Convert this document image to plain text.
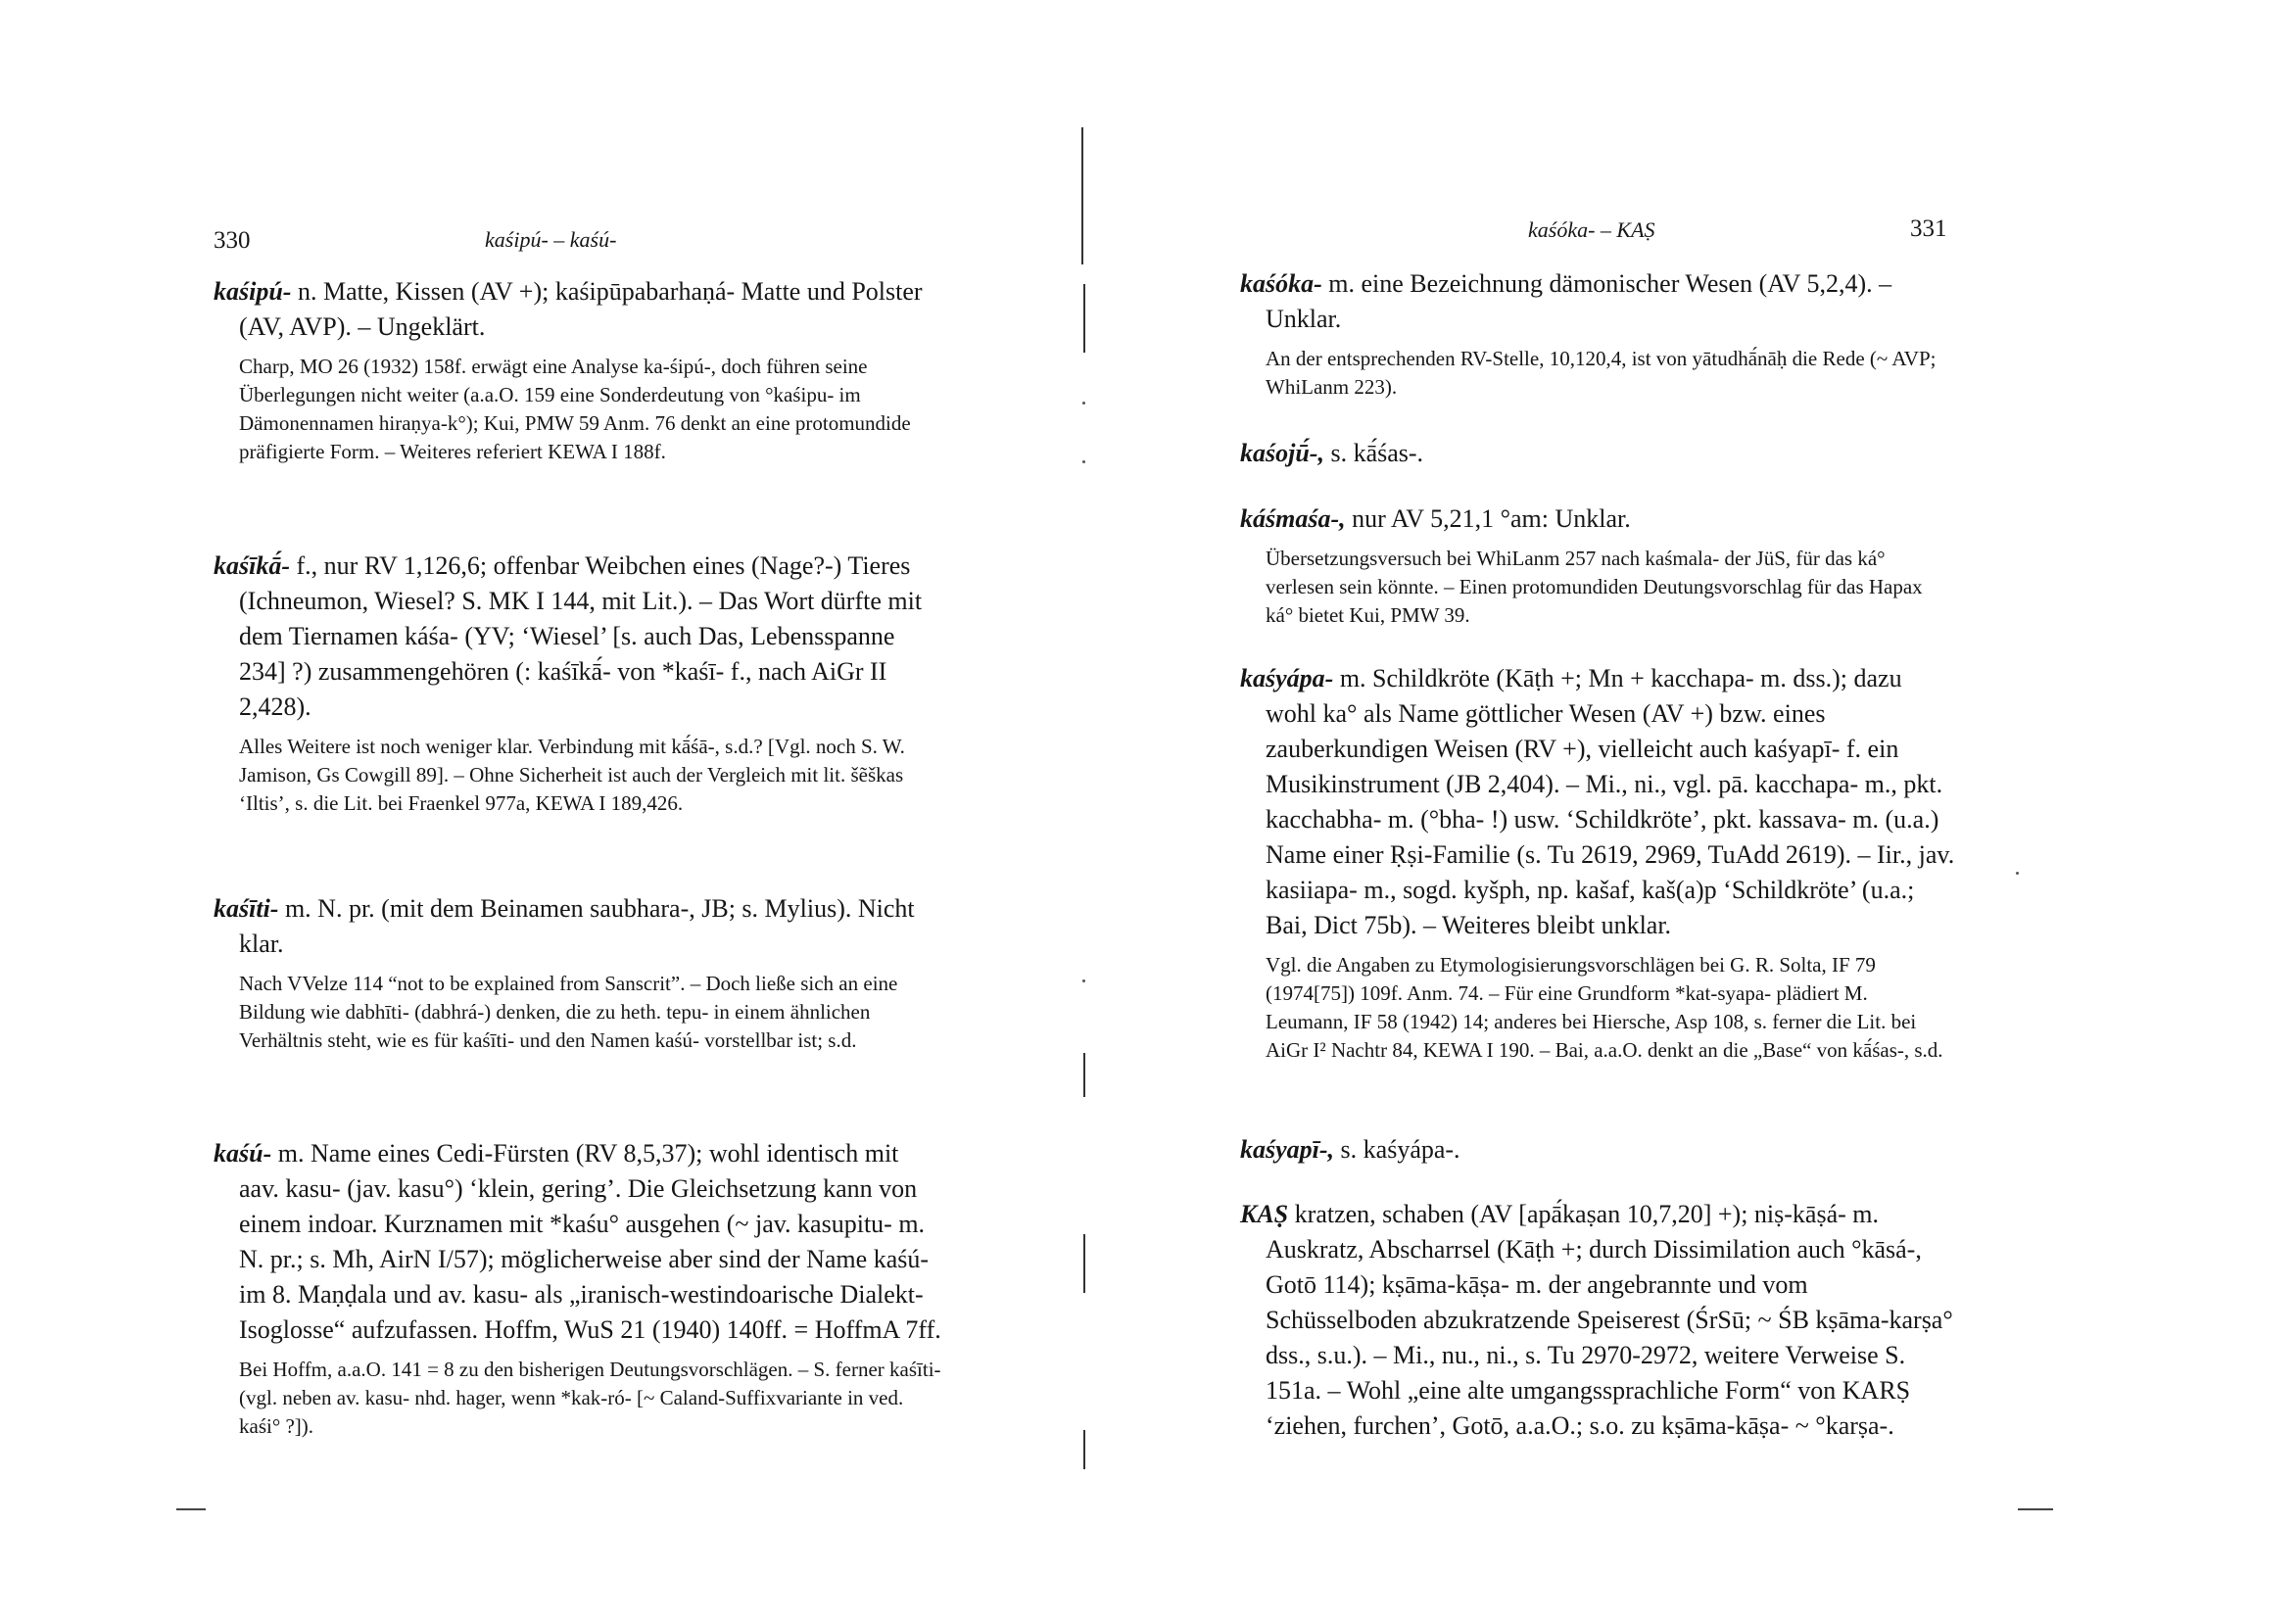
330	kaśipú- – kaśú-

kaśipú- n. Matte, Kissen (AV +); kaśipūpabarhaṇá- Matte und Polster (AV, AVP). – Ungeklärt.

Charp, MO 26 (1932) 158f. erwägt eine Analyse ka-śipú-, doch führen seine Überlegungen nicht weiter (a.a.O. 159 eine Sonderdeutung von °kaśipu- im Dämonennamen hiraṇya-k°); Kui, PMW 59 Anm. 76 denkt an eine protomundide präfigierte Form. – Weiteres referiert KEWA I 188f.

kaśīkā́- f., nur RV 1,126,6; offenbar Weibchen eines (Nage?-) Tieres (Ichneumon, Wiesel? S. MK I 144, mit Lit.). – Das Wort dürfte mit dem Tiernamen káśa- (YV; ‘Wiesel’ [s. auch Das, Lebensspanne 234] ?) zusammengehören (: kaśīkā́- von *kaśī- f., nach AiGr II 2,428).

Alles Weitere ist noch weniger klar. Verbindung mit kā́śā-, s.d.? [Vgl. noch S. W. Jamison, Gs Cowgill 89]. – Ohne Sicherheit ist auch der Vergleich mit lit. šẽškas ‘Iltis’, s. die Lit. bei Fraenkel 977a, KEWA I 189,426.

kaśīti- m. N. pr. (mit dem Beinamen saubhara-, JB; s. Mylius). Nicht klar.

Nach VVelze 114 “not to be explained from Sanscrit”. – Doch ließe sich an eine Bildung wie dabhīti- (dabhrá-) denken, die zu heth. tepu- in einem ähnlichen Verhältnis steht, wie es für kaśīti- und den Namen kaśú- vorstellbar ist; s.d.

kaśú- m. Name eines Cedi-Fürsten (RV 8,5,37); wohl identisch mit aav. kasu- (jav. kasu°) ‘klein, gering’. Die Gleichsetzung kann von einem indoar. Kurznamen mit *kaśu° ausgehen (~ jav. kasupitu- m. N. pr.; s. Mh, AirN I/57); möglicherweise aber sind der Name kaśú- im 8. Maṇḍala und av. kasu- als „iranisch-westindoarische Dialekt-Isoglosse“ aufzufassen. Hoffm, WuS 21 (1940) 140ff. = HoffmA 7ff.

Bei Hoffm, a.a.O. 141 = 8 zu den bisherigen Deutungsvorschlägen. – S. ferner kaśīti- (vgl. neben av. kasu- nhd. hager, wenn *kak-ró- [~ Caland-Suffixvariante in ved. kaśi° ?]).

kaśóka- – KAṢ	331

kaśóka- m. eine Bezeichnung dämonischer Wesen (AV 5,2,4). – Unklar.

An der entsprechenden RV-Stelle, 10,120,4, ist von yātudhā́nāḥ die Rede (~ AVP; WhiLanm 223).

kaśojū́-, s. kā́śas-.

káśmaśa-, nur AV 5,21,1 °am: Unklar.

Übersetzungsversuch bei WhiLanm 257 nach kaśmala- der JüS, für das ká° verlesen sein könnte. – Einen protomundiden Deutungsvorschlag für das Hapax ká° bietet Kui, PMW 39.

kaśyápa- m. Schildkröte (Kāṭh +; Mn + kacchapa- m. dss.); dazu wohl ka° als Name göttlicher Wesen (AV +) bzw. eines zauberkundigen Weisen (RV +), vielleicht auch kaśyapī- f. ein Musikinstrument (JB 2,404). – Mi., ni., vgl. pā. kacchapa- m., pkt. kacchabha- m. (°bha- !) usw. ‘Schildkröte’, pkt. kassava- m. (u.a.) Name einer Ṛṣi-Familie (s. Tu 2619, 2969, TuAdd 2619). – Iir., jav. kasiiapa- m., sogd. kyšph, np. kašaf, kaš(a)p ‘Schildkröte’ (u.a.; Bai, Dict 75b). – Weiteres bleibt unklar.

Vgl. die Angaben zu Etymologisierungsvorschlägen bei G. R. Solta, IF 79 (1974[75]) 109f. Anm. 74. – Für eine Grundform *kat-syapa- plädiert M. Leumann, IF 58 (1942) 14; anderes bei Hiersche, Asp 108, s. ferner die Lit. bei AiGr I² Nachtr 84, KEWA I 190. – Bai, a.a.O. denkt an die „Base“ von kā́śas-, s.d.

kaśyapī-, s. kaśyápa-.

KAṢ kratzen, schaben (AV [apā́kaṣan 10,7,20] +); niṣ-kāṣá- m. Auskratz, Abscharrsel (Kāṭh +; durch Dissimilation auch °kāsá-, Gotō 114); kṣāma-kāṣa- m. der angebrannte und vom Schüsselboden abzukratzende Speiserest (ŚrSū; ~ ŚB kṣāma-karṣa° dss., s.u.). – Mi., nu., ni., s. Tu 2970-2972, weitere Verweise S. 151a. – Wohl „eine alte umgangssprachliche Form“ von KARṢ ‘ziehen, furchen’, Gotō, a.a.O.; s.o. zu kṣāma-kāṣa- ~ °karṣa-.
